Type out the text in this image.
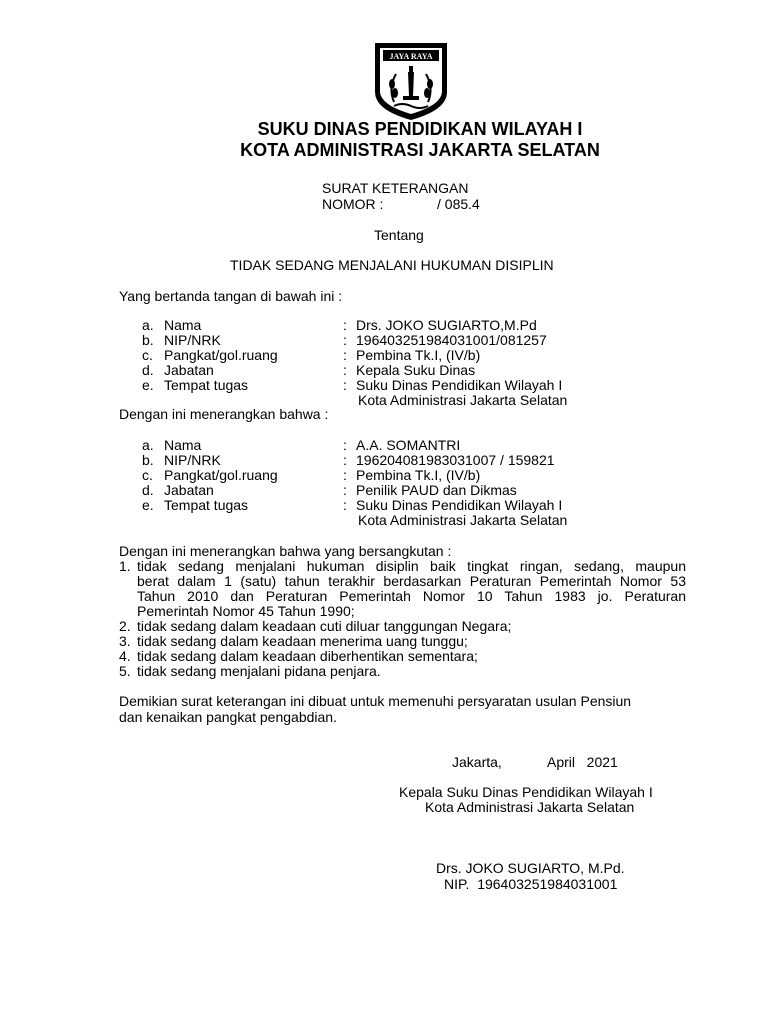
JAYA RAYA
SUKU DINAS PENDIDIKAN WILAYAH I
KOTA ADMINISTRASI JAKARTA SELATAN
SURAT KETERANGAN
NOMOR :	/ 085.4
Tentang
TIDAK SEDANG MENJALANI HUKUMAN DISIPLIN
Yang bertanda tangan di bawah ini :
a. Nama	: Drs. JOKO SUGIARTO,M.Pd
b. NIP/NRK	: 196403251984031001/081257
c. Pangkat/gol.ruang	: Pembina Tk.I, (IV/b)
d. Jabatan	: Kepala Suku Dinas
e. Tempat tugas	: Suku Dinas Pendidikan Wilayah I
Kota Administrasi Jakarta Selatan
Dengan ini menerangkan bahwa :
a. Nama	: A.A. SOMANTRI
b. NIP/NRK	: 196204081983031007 / 159821
c. Pangkat/gol.ruang	: Pembina Tk.I, (IV/b)
d. Jabatan	: Penilik PAUD dan Dikmas
e. Tempat tugas	: Suku Dinas Pendidikan Wilayah I
Kota Administrasi Jakarta Selatan
Dengan ini menerangkan bahwa yang bersangkutan :
1. tidak sedang menjalani hukuman disiplin baik tingkat ringan, sedang, maupun
berat dalam 1 (satu) tahun terakhir berdasarkan Peraturan Pemerintah Nomor 53
Tahun 2010 dan Peraturan Pemerintah Nomor 10 Tahun 1983 jo. Peraturan
Pemerintah Nomor 45 Tahun 1990;
2. tidak sedang dalam keadaan cuti diluar tanggungan Negara;
3. tidak sedang dalam keadaan menerima uang tunggu;
4. tidak sedang dalam keadaan diberhentikan sementara;
5. tidak sedang menjalani pidana penjara.
Demikian surat keterangan ini dibuat untuk memenuhi persyaratan usulan Pensiun
dan kenaikan pangkat pengabdian.
Jakarta,	April   2021
Kepala Suku Dinas Pendidikan Wilayah I
Kota Administrasi Jakarta Selatan
Drs. JOKO SUGIARTO, M.Pd.
NIP.  196403251984031001
